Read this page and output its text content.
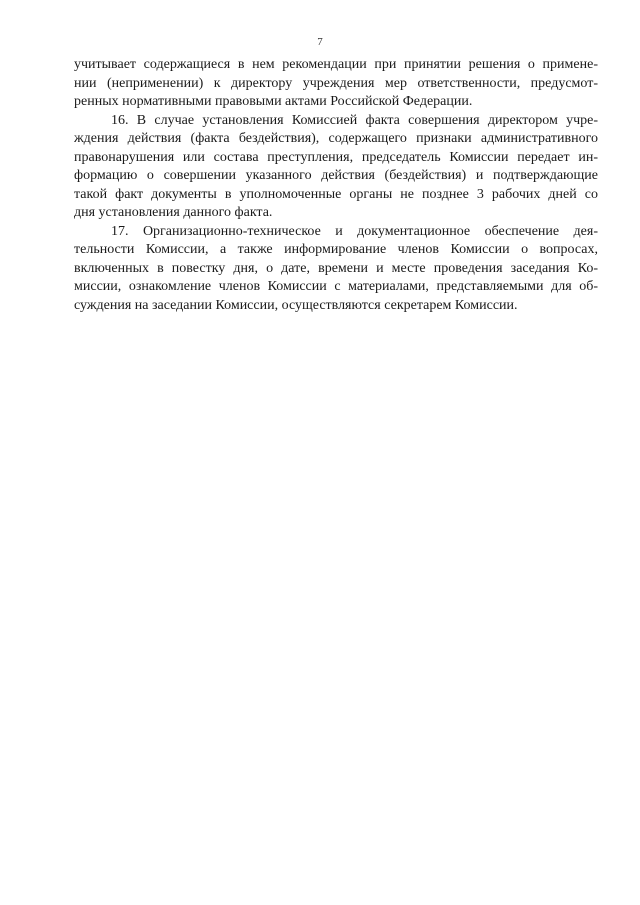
7
учитывает содержащиеся в нем рекомендации при принятии решения о примене-
нии (неприменении) к директору учреждения мер ответственности, предусмот-
ренных нормативными правовыми актами Российской Федерации.
16. В случае установления Комиссией факта совершения директором учре-
ждения действия (факта бездействия), содержащего признаки административного
правонарушения или состава преступления, председатель Комиссии передает ин-
формацию о совершении указанного действия (бездействия) и подтверждающие
такой факт документы в уполномоченные органы не позднее 3 рабочих дней со
дня установления данного факта.
17. Организационно-техническое и документационное обеспечение дея-
тельности Комиссии, а также информирование членов Комиссии о вопросах,
включенных в повестку дня, о дате, времени и месте проведения заседания Ко-
миссии, ознакомление членов Комиссии с материалами, представляемыми для об-
суждения на заседании Комиссии, осуществляются секретарем Комиссии.
